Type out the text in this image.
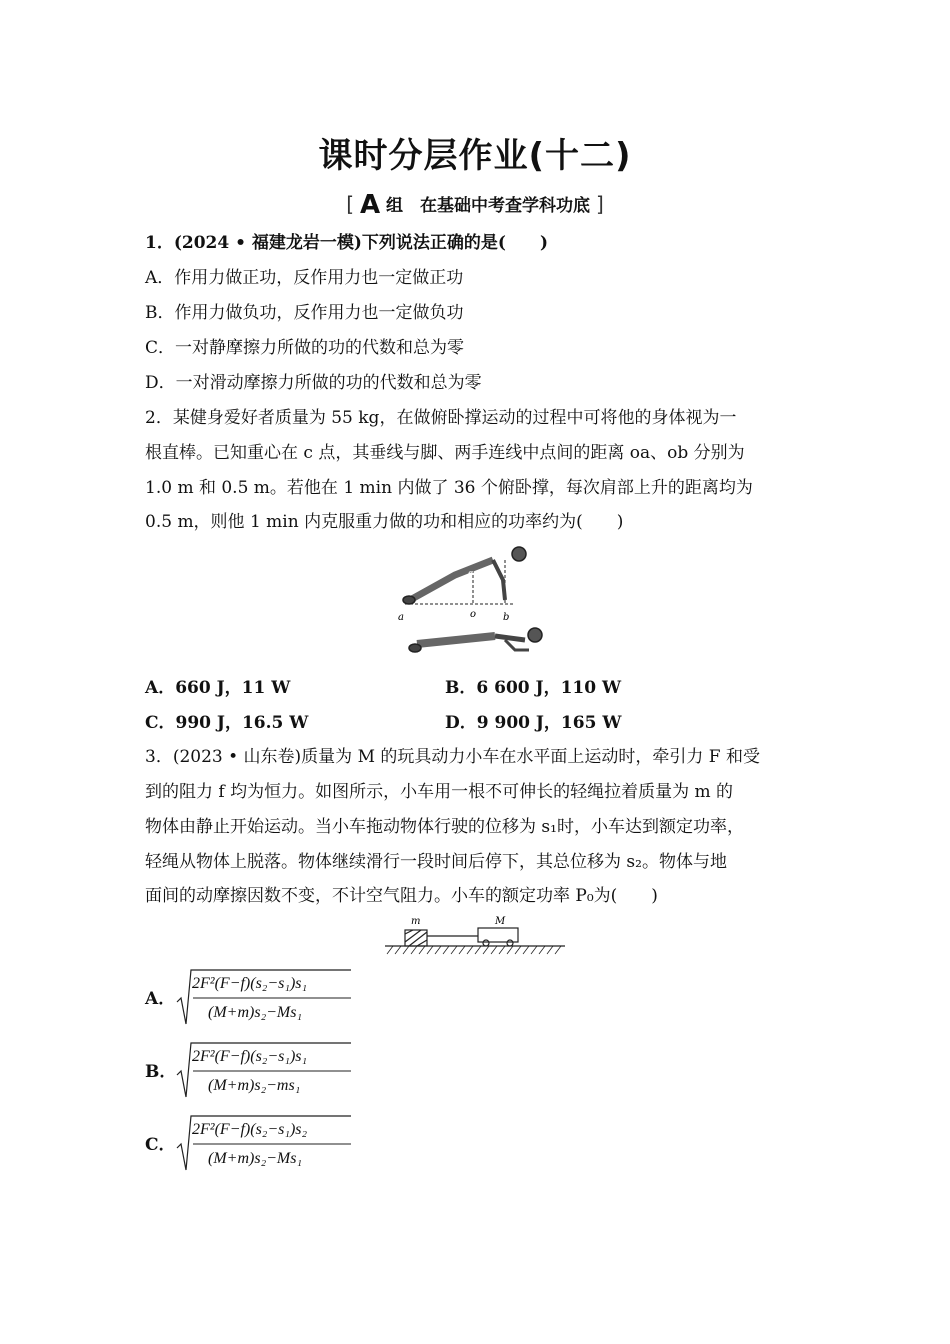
课时分层作业(十二)
[ A 组　在基础中考查学科功底 ]
1．(2024 • 福建龙岩一模)下列说法正确的是(　　)
A．作用力做正功，反作用力也一定做正功
B．作用力做负功，反作用力也一定做负功
C．一对静摩擦力所做的功的代数和总为零
D．一对滑动摩擦力所做的功的代数和总为零
2．某健身爱好者质量为 55 kg，在做俯卧撑运动的过程中可将他的身体视为一
根直棒。已知重心在 c 点，其垂线与脚、两手连线中点间的距离 oa、ob 分别为
1.0 m 和 0.5 m。若他在 1 min 内做了 36 个俯卧撑，每次肩部上升的距离均为
0.5 m，则他 1 min 内克服重力做的功和相应的功率约为(　　)
a	o	b
c
A．660 J，11 W	B．6 600 J，110 W
C．990 J，16.5 W	D．9 900 J，165 W
3．(2023 • 山东卷)质量为 M 的玩具动力小车在水平面上运动时，牵引力 F 和受
到的阻力 f 均为恒力。如图所示，小车用一根不可伸长的轻绳拉着质量为 m 的
物体由静止开始运动。当小车拖动物体行驶的位移为 s₁时，小车达到额定功率，
轻绳从物体上脱落。物体继续滑行一段时间后停下，其总位移为 s₂。物体与地
面间的动摩擦因数不变，不计空气阻力。小车的额定功率 P₀为(　　)
m	M
A．
2F²(F−f)(s₂−s₁)s₁
(M+m)s₂−Ms₁
B．
2F²(F−f)(s₂−s₁)s₁
(M+m)s₂−ms₁
C．
2F²(F−f)(s₂−s₁)s₂
(M+m)s₂−Ms₁
